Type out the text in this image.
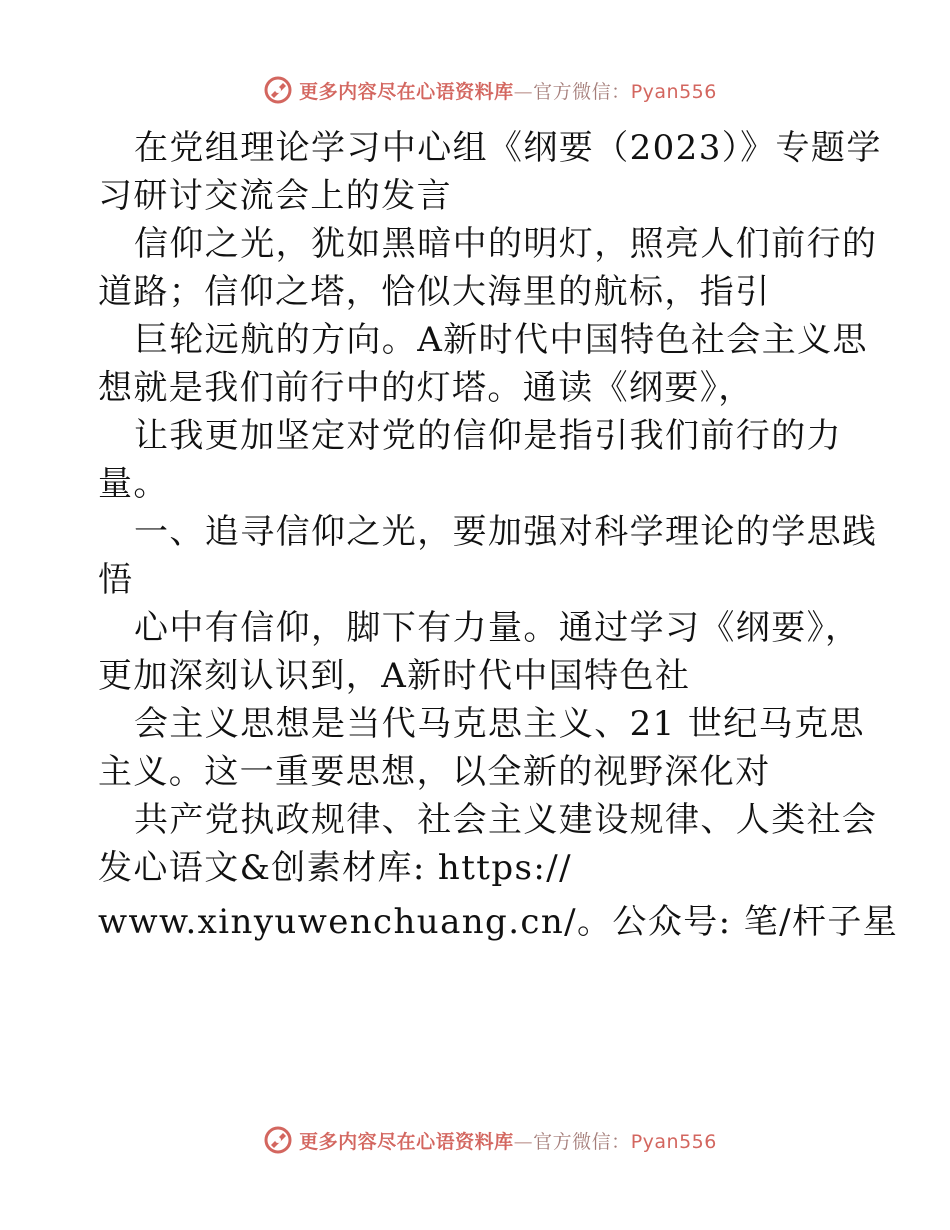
更多内容尽在心语资料库—官方微信：Pyan556

在党组理论学习中心组《纲要（2023）》专题学

习研讨交流会上的发言

信仰之光，犹如黑暗中的明灯，照亮人们前行的

道路；信仰之塔，恰似大海里的航标，指引

巨轮远航的方向。A新时代中国特色社会主义思

想就是我们前行中的灯塔。通读《纲要》，

让我更加坚定对党的信仰是指引我们前行的力

量。

一、追寻信仰之光，要加强对科学理论的学思践

悟

心中有信仰，脚下有力量。通过学习《纲要》，

更加深刻认识到，A新时代中国特色社

会主义思想是当代马克思主义、21 世纪马克思

主义。这一重要思想，以全新的视野深化对

共产党执政规律、社会主义建设规律、人类社会

发心语文&创素材库: https://

www.xinyuwenchuang.cn/。公众号: 笔/杆子星

更多内容尽在心语资料库—官方微信：Pyan556
